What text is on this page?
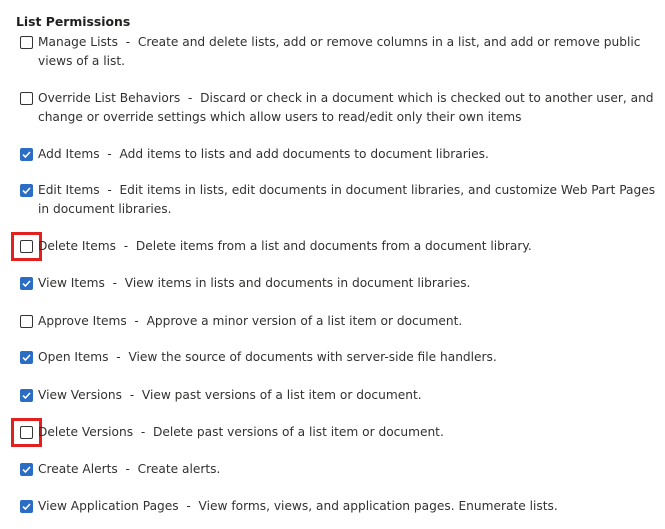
List Permissions
Manage Lists  -  Create and delete lists, add or remove columns in a list, and add or remove public views of a list.
Override List Behaviors  -  Discard or check in a document which is checked out to another user, and change or override settings which allow users to read/edit only their own items
Add Items  -  Add items to lists and add documents to document libraries.
Edit Items  -  Edit items in lists, edit documents in document libraries, and customize Web Part Pages in document libraries.
Delete Items  -  Delete items from a list and documents from a document library.
View Items  -  View items in lists and documents in document libraries.
Approve Items  -  Approve a minor version of a list item or document.
Open Items  -  View the source of documents with server-side file handlers.
View Versions  -  View past versions of a list item or document.
Delete Versions  -  Delete past versions of a list item or document.
Create Alerts  -  Create alerts.
View Application Pages  -  View forms, views, and application pages. Enumerate lists.
